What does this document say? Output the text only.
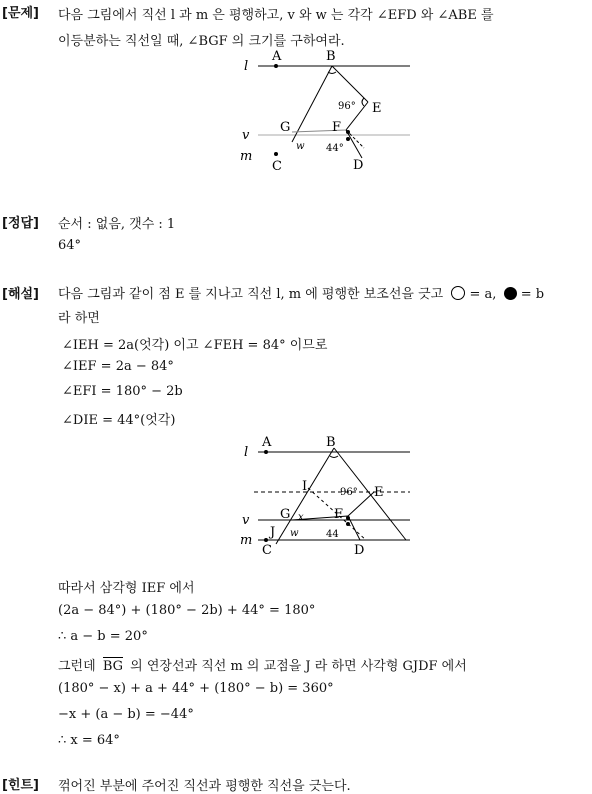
[문제] 다음 그림에서 직선 l 과 m 은 평행하고, v 와 w 는 각각 ∠EFD 와 ∠ABE 를
이등분하는 직선일 때, ∠BGF 의 크기를 구하여라.
l
v
m
A	B
E
G	F
C	D
w
96°
44°
[정답] 순서 : 없음, 갯수 : 1
64°
[해설] 다음 그림과 같이 점 E 를 지나고 직선 l, m 에 평행한 보조선을 긋고 = a, = b
라 하면
∠IEH = 2a(엇각) 이고 ∠FEH = 84° 이므로
∠IEF = 2a − 84°
∠EFI = 180° − 2b
∠DIE = 44°(엇각)
l
v
m
A	B
I	E
G	F
J
C	D
x
w
96°
44
따라서 삼각형 IEF 에서
(2a − 84°) + (180° − 2b) + 44° = 180°
∴ a − b = 20°
그런데 BG 의 연장선과 직선 m 의 교점을 J 라 하면 사각형 GJDF 에서
(180° − x) + a + 44° + (180° − b) = 360°
−x + (a − b) = −44°
∴ x = 64°
[힌트] 꺾어진 부분에 주어진 직선과 평행한 직선을 긋는다.
